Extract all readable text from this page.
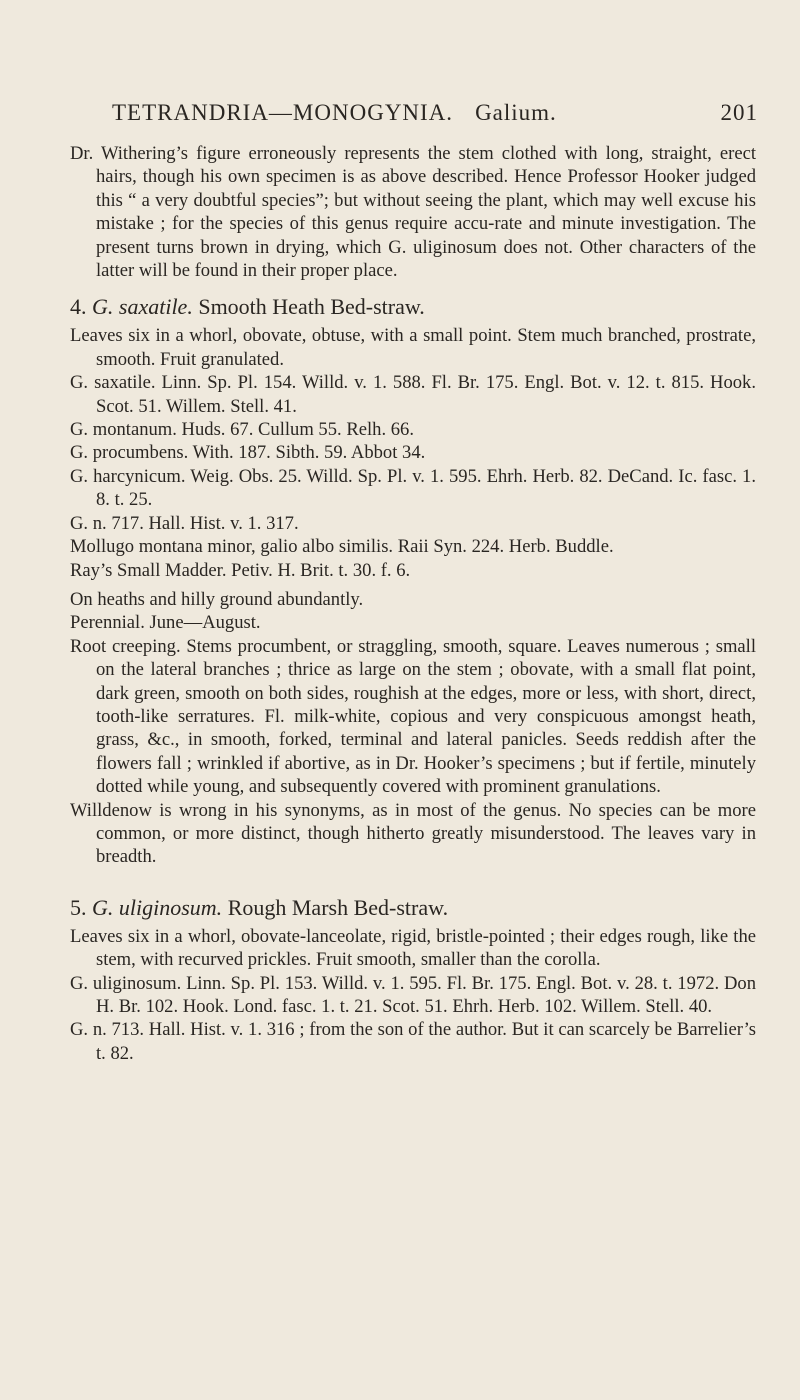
TETRANDRIA—MONOGYNIA. Galium.	201

Dr. Withering’s figure erroneously represents the stem clothed with long, straight, erect hairs, though his own specimen is as above described. Hence Professor Hooker judged this “ a very doubtful species”; but without seeing the plant, which may well excuse his mistake ; for the species of this genus require accu-rate and minute investigation. The present turns brown in drying, which G. uliginosum does not. Other characters of the latter will be found in their proper place.

4. G. saxatile. Smooth Heath Bed-straw.

Leaves six in a whorl, obovate, obtuse, with a small point. Stem much branched, prostrate, smooth. Fruit granulated.

G. saxatile. Linn. Sp. Pl. 154. Willd. v. 1. 588. Fl. Br. 175. Engl. Bot. v. 12. t. 815. Hook. Scot. 51. Willem. Stell. 41.

G. montanum. Huds. 67. Cullum 55. Relh. 66.

G. procumbens. With. 187. Sibth. 59. Abbot 34.

G. harcynicum. Weig. Obs. 25. Willd. Sp. Pl. v. 1. 595. Ehrh. Herb. 82. DeCand. Ic. fasc. 1. 8. t. 25.

G. n. 717. Hall. Hist. v. 1. 317.

Mollugo montana minor, galio albo similis. Raii Syn. 224. Herb. Buddle.

Ray’s Small Madder. Petiv. H. Brit. t. 30. f. 6.

On heaths and hilly ground abundantly.

Perennial. June—August.

Root creeping. Stems procumbent, or straggling, smooth, square. Leaves numerous ; small on the lateral branches ; thrice as large on the stem ; obovate, with a small flat point, dark green, smooth on both sides, roughish at the edges, more or less, with short, direct, tooth-like serratures. Fl. milk-white, copious and very conspicuous amongst heath, grass, &c., in smooth, forked, terminal and lateral panicles. Seeds reddish after the flowers fall ; wrinkled if abortive, as in Dr. Hooker’s specimens ; but if fertile, minutely dotted while young, and subsequently covered with prominent granulations.

Willdenow is wrong in his synonyms, as in most of the genus. No species can be more common, or more distinct, though hitherto greatly misunderstood. The leaves vary in breadth.

5. G. uliginosum. Rough Marsh Bed-straw.

Leaves six in a whorl, obovate-lanceolate, rigid, bristle-pointed ; their edges rough, like the stem, with recurved prickles. Fruit smooth, smaller than the corolla.

G. uliginosum. Linn. Sp. Pl. 153. Willd. v. 1. 595. Fl. Br. 175. Engl. Bot. v. 28. t. 1972. Don H. Br. 102. Hook. Lond. fasc. 1. t. 21. Scot. 51. Ehrh. Herb. 102. Willem. Stell. 40.

G. n. 713. Hall. Hist. v. 1. 316 ; from the son of the author. But it can scarcely be Barrelier’s t. 82.
